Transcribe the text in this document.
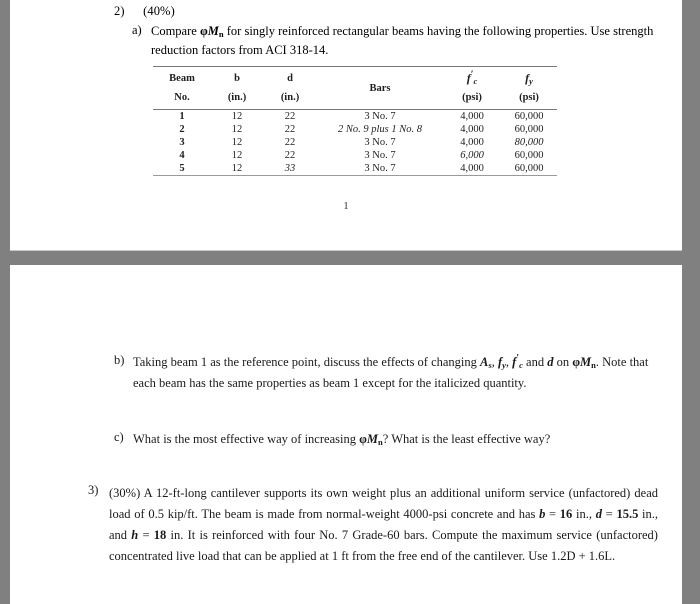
2) (40%)
a) Compare $\varphi M_n$ for singly reinforced rectangular beams having the following properties. Use strength reduction factors from ACI 318-14.
Beam	b	d	Bars	$f'_c$	$f_y$
No.	(in.)	(in.)		(psi)	(psi)
1	12	22	3 No. 7	4,000	60,000
2	12	22	2 No. 9 plus 1 No. 8	4,000	60,000
3	12	22	3 No. 7	4,000	80,000
4	12	22	3 No. 7	6,000	60,000
5	12	33	3 No. 7	4,000	60,000
1
b) Taking beam 1 as the reference point, discuss the effects of changing $A_s$, $f_y$, $f'_c$ and d on $\varphi M_n$. Note that each beam has the same properties as beam 1 except for the italicized quantity.
c) What is the most effective way of increasing $\varphi M_n$? What is the least effective way?
3) (30%) A 12-ft-long cantilever supports its own weight plus an additional uniform service (unfactored) dead load of 0.5 kip/ft. The beam is made from normal-weight 4000-psi concrete and has b = 16 in., d = 15.5 in., and h = 18 in. It is reinforced with four No. 7 Grade-60 bars. Compute the maximum service (unfactored) concentrated live load that can be applied at 1 ft from the free end of the cantilever. Use 1.2D + 1.6L.
